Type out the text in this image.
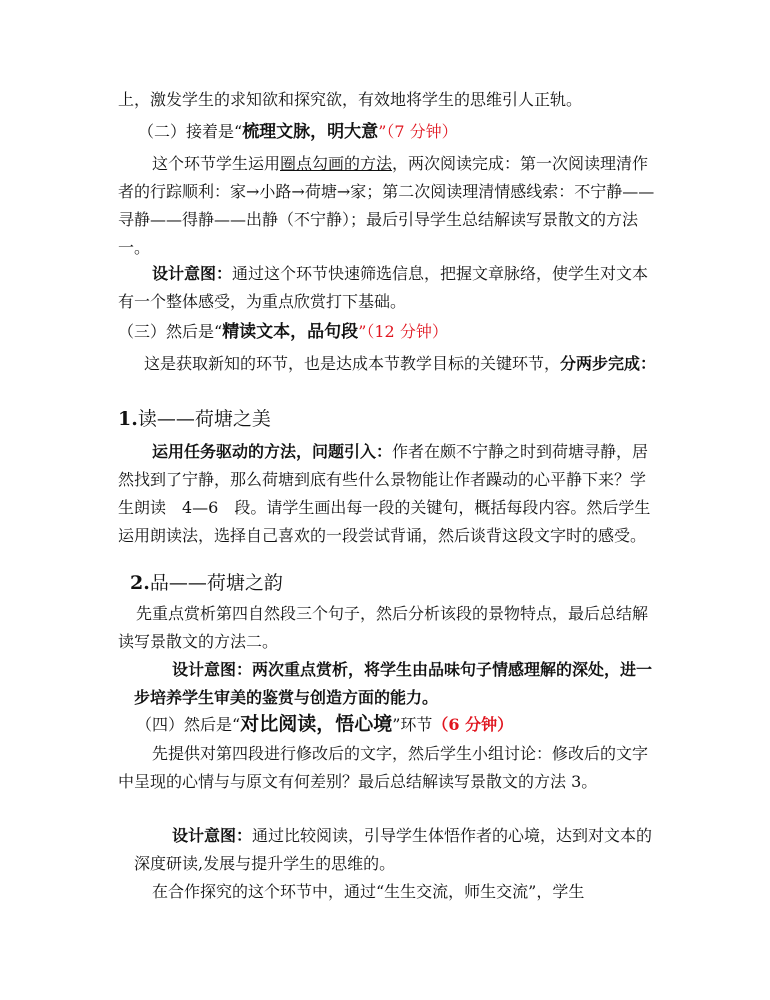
上，激发学生的求知欲和探究欲，有效地将学生的思维引人正轨。

（二）接着是“梳理文脉，明大意”（7 分钟）

这个环节学生运用圈点勾画的方法，两次阅读完成：第一次阅读理清作者的行踪顺利：家→小路→荷塘→家；第二次阅读理清情感线索：不宁静——寻静——得静——出静（不宁静）；最后引导学生总结解读写景散文的方法一。

设计意图：通过这个环节快速筛选信息，把握文章脉络，使学生对文本有一个整体感受，为重点欣赏打下基础。

（三）然后是“精读文本，品句段”（12 分钟）

这是获取新知的环节，也是达成本节教学目标的关键环节，分两步完成：

1.读——荷塘之美

运用任务驱动的方法，问题引入：作者在颇不宁静之时到荷塘寻静，居然找到了宁静，那么荷塘到底有些什么景物能让作者躁动的心平静下来？学生朗读　4—6　段。请学生画出每一段的关键句，概括每段内容。然后学生运用朗读法，选择自己喜欢的一段尝试背诵，然后谈背这段文字时的感受。

2.品——荷塘之韵

先重点赏析第四自然段三个句子，然后分析该段的景物特点，最后总结解读写景散文的方法二。

设计意图：两次重点赏析，将学生由品味句子情感理解的深处，进一步培养学生审美的鉴赏与创造方面的能力。

（四）然后是“对比阅读，悟心境”环节（6 分钟）

先提供对第四段进行修改后的文字，然后学生小组讨论：修改后的文字中呈现的心情与与原文有何差别？最后总结解读写景散文的方法 3。

设计意图：通过比较阅读，引导学生体悟作者的心境，达到对文本的深度研读,发展与提升学生的思维的。

在合作探究的这个环节中，通过“生生交流，师生交流”，学生
